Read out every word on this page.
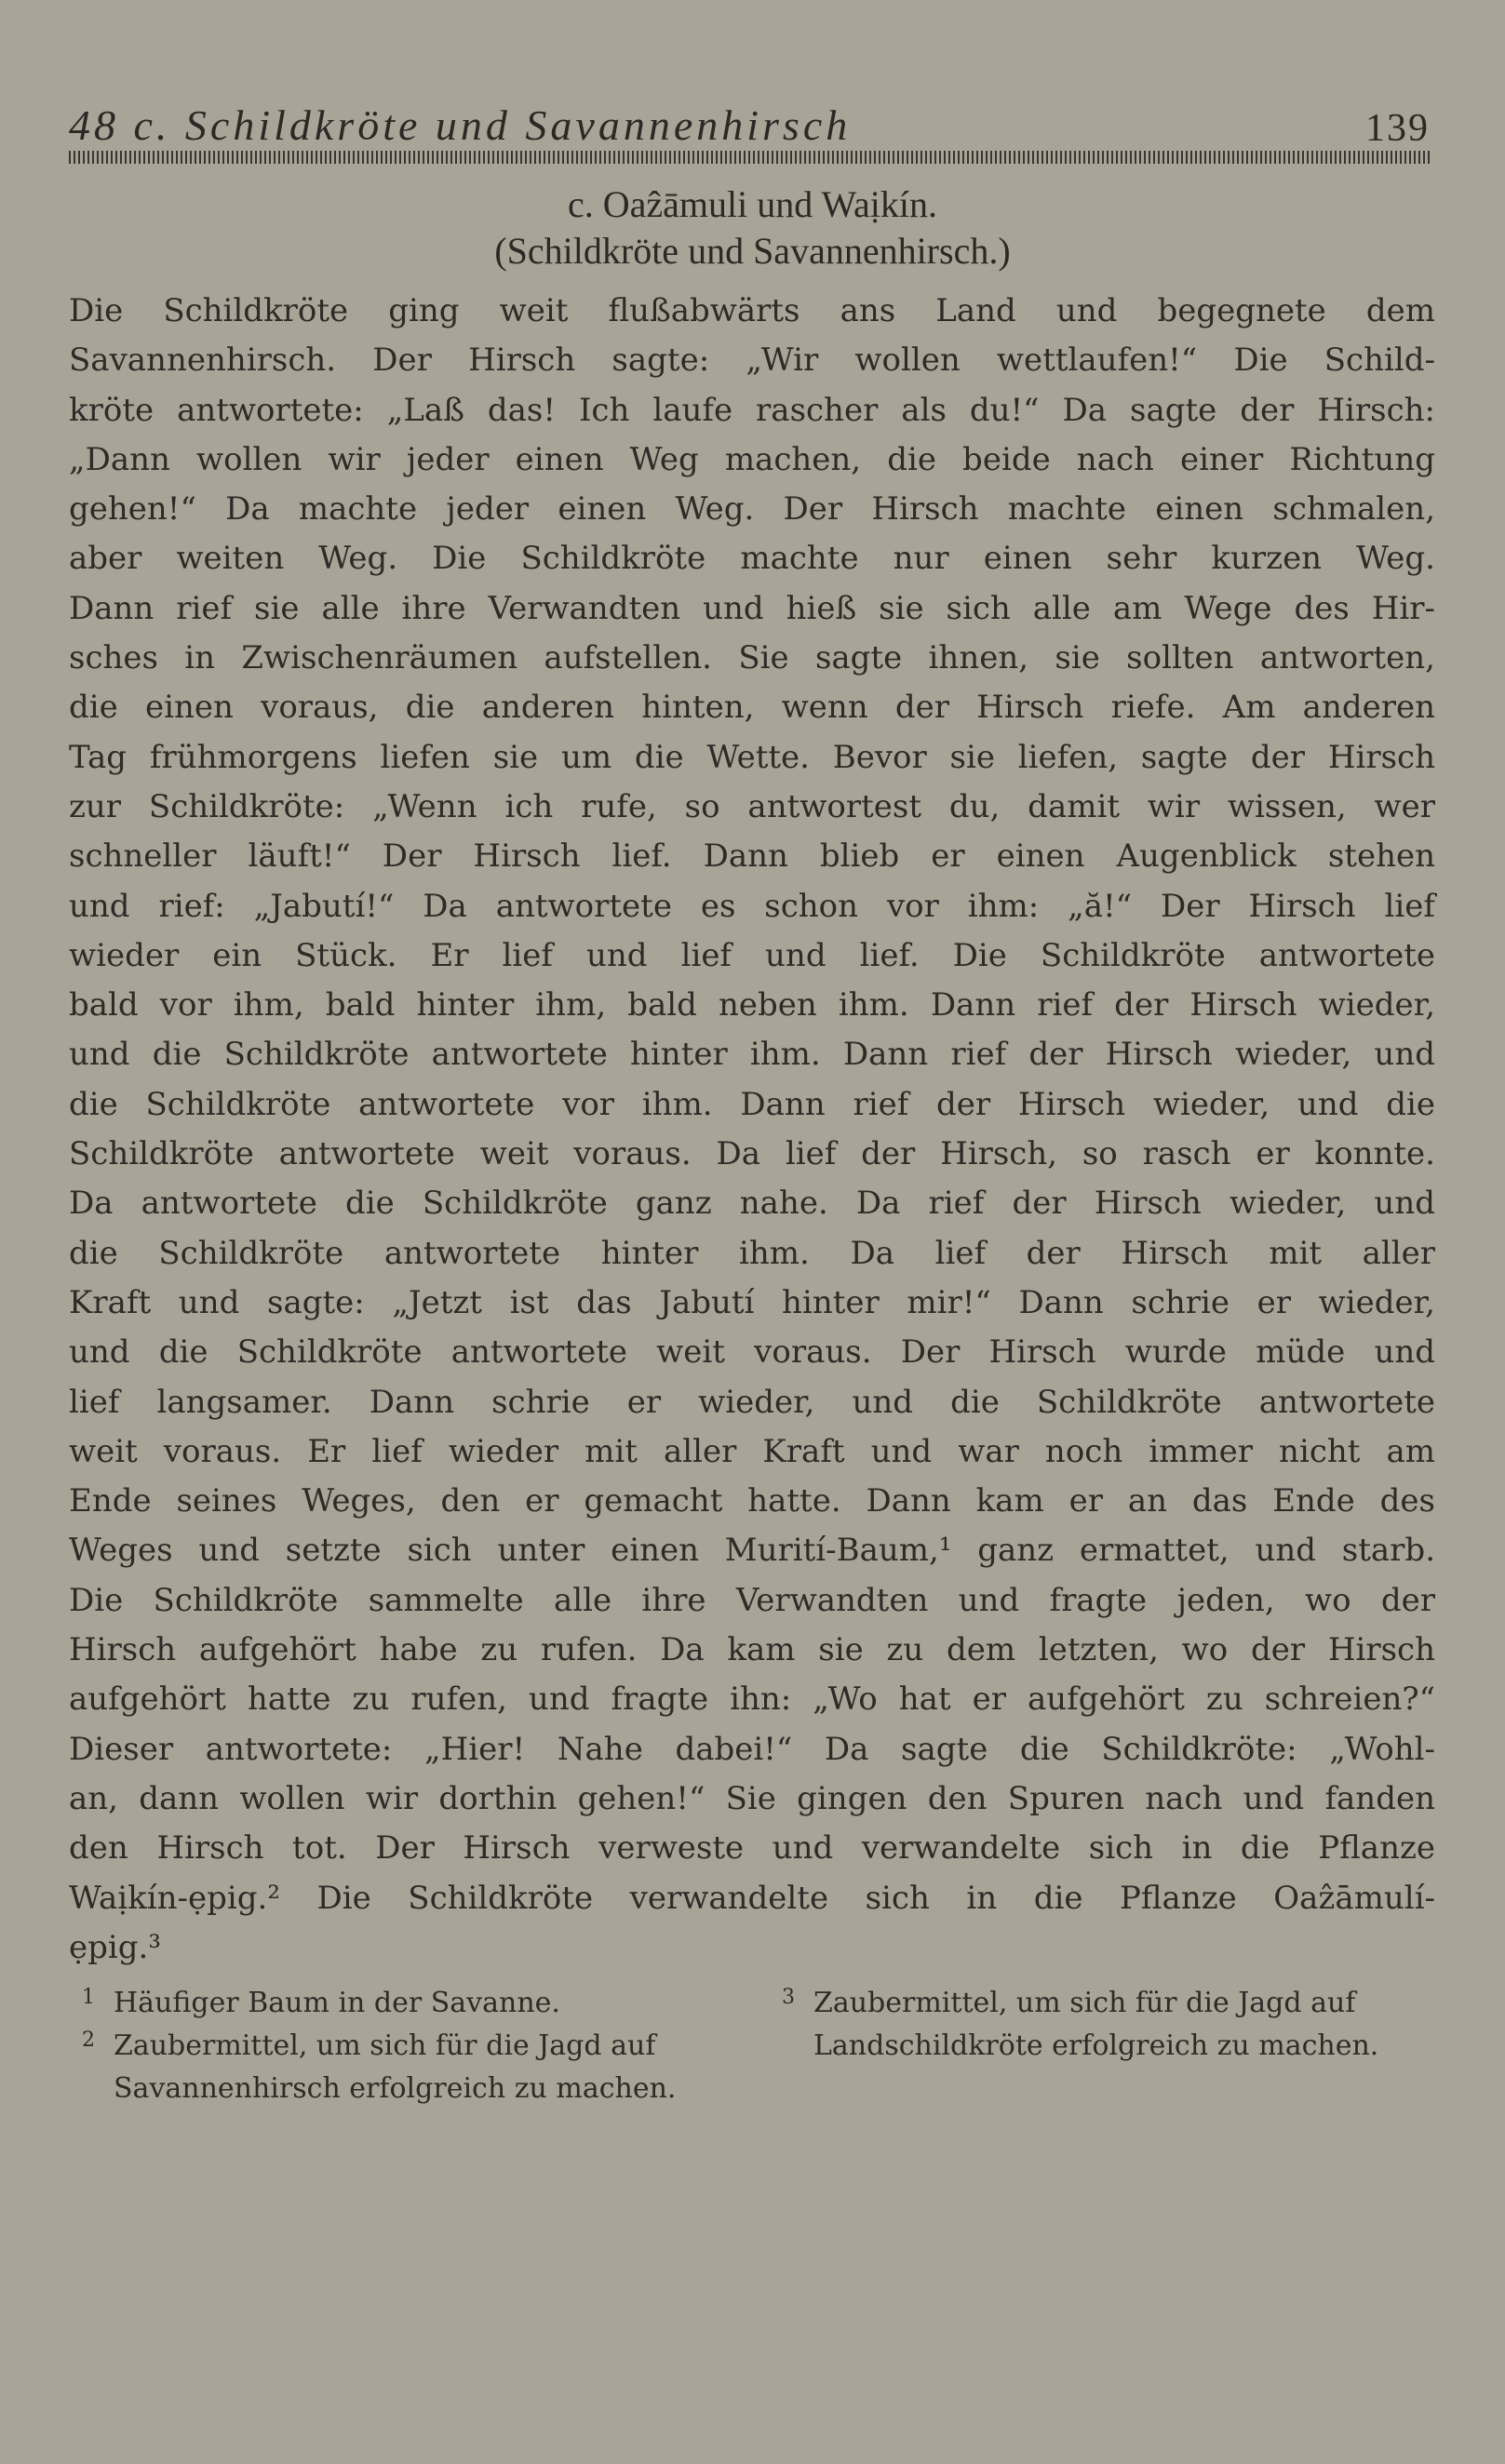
48 c. Schildkröte und Savannenhirsch	139
c. Oaẑāmuli und Waịkín.
(Schildkröte und Savannenhirsch.)
Die Schildkröte ging weit flußabwärts ans Land und begegnete dem
Savannenhirsch. Der Hirsch sagte: „Wir wollen wettlaufen!“ Die Schild-
kröte antwortete: „Laß das! Ich laufe rascher als du!“ Da sagte der Hirsch:
„Dann wollen wir jeder einen Weg machen, die beide nach einer Richtung
gehen!“ Da machte jeder einen Weg. Der Hirsch machte einen schmalen,
aber weiten Weg. Die Schildkröte machte nur einen sehr kurzen Weg.
Dann rief sie alle ihre Verwandten und hieß sie sich alle am Wege des Hir-
sches in Zwischenräumen aufstellen. Sie sagte ihnen, sie sollten antworten,
die einen voraus, die anderen hinten, wenn der Hirsch riefe. Am anderen
Tag frühmorgens liefen sie um die Wette. Bevor sie liefen, sagte der Hirsch
zur Schildkröte: „Wenn ich rufe, so antwortest du, damit wir wissen, wer
schneller läuft!“ Der Hirsch lief. Dann blieb er einen Augenblick stehen
und rief: „Jabutí!“ Da antwortete es schon vor ihm: „ă!“ Der Hirsch lief
wieder ein Stück. Er lief und lief und lief. Die Schildkröte antwortete
bald vor ihm, bald hinter ihm, bald neben ihm. Dann rief der Hirsch wieder,
und die Schildkröte antwortete hinter ihm. Dann rief der Hirsch wieder, und
die Schildkröte antwortete vor ihm. Dann rief der Hirsch wieder, und die
Schildkröte antwortete weit voraus. Da lief der Hirsch, so rasch er konnte.
Da antwortete die Schildkröte ganz nahe. Da rief der Hirsch wieder, und
die Schildkröte antwortete hinter ihm. Da lief der Hirsch mit aller
Kraft und sagte: „Jetzt ist das Jabutí hinter mir!“ Dann schrie er wieder,
und die Schildkröte antwortete weit voraus. Der Hirsch wurde müde und
lief langsamer. Dann schrie er wieder, und die Schildkröte antwortete
weit voraus. Er lief wieder mit aller Kraft und war noch immer nicht am
Ende seines Weges, den er gemacht hatte. Dann kam er an das Ende des
Weges und setzte sich unter einen Murití-Baum,¹ ganz ermattet, und starb.
Die Schildkröte sammelte alle ihre Verwandten und fragte jeden, wo der
Hirsch aufgehört habe zu rufen. Da kam sie zu dem letzten, wo der Hirsch
aufgehört hatte zu rufen, und fragte ihn: „Wo hat er aufgehört zu schreien?“
Dieser antwortete: „Hier! Nahe dabei!“ Da sagte die Schildkröte: „Wohl-
an, dann wollen wir dorthin gehen!“ Sie gingen den Spuren nach und fanden
den Hirsch tot. Der Hirsch verweste und verwandelte sich in die Pflanze
Waịkín-ẹpig.² Die Schildkröte verwandelte sich in die Pflanze Oaẑāmulí-
ẹpig.³
1 Häufiger Baum in der Savanne.
2 Zaubermittel, um sich für die Jagd auf Savannenhirsch erfolgreich zu machen.
3 Zaubermittel, um sich für die Jagd auf Landschildkröte erfolgreich zu machen.
